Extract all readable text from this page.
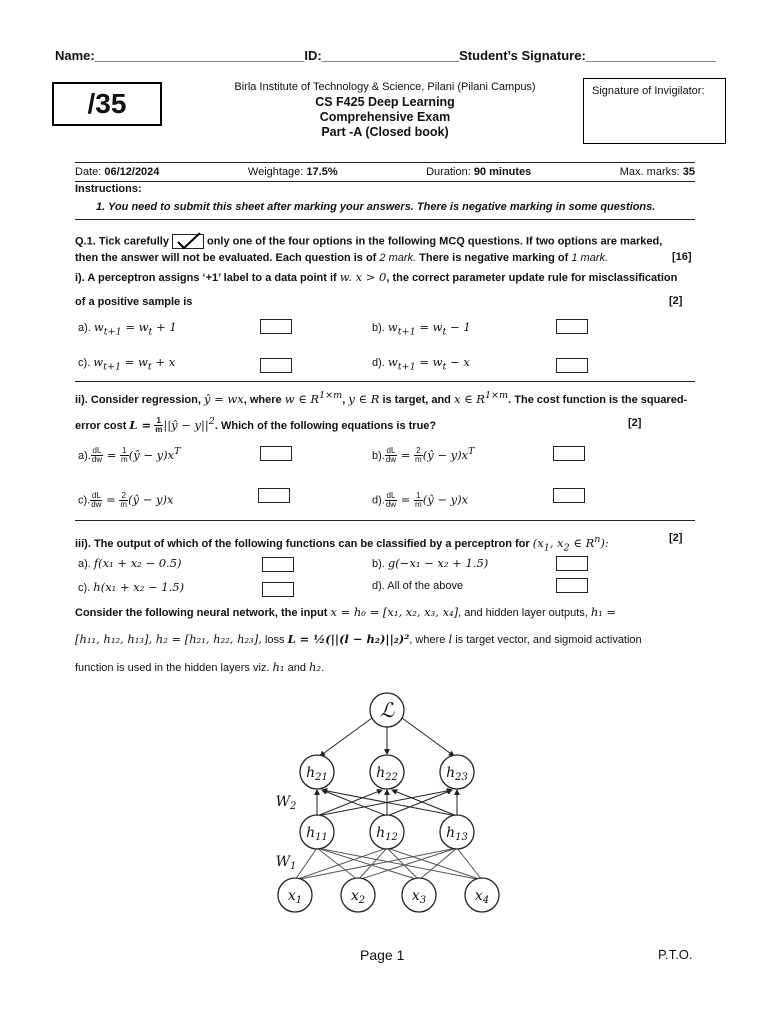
Name:_____________________________ID:___________________Student’s Signature:__________________
/35
Birla Institute of Technology & Science, Pilani (Pilani Campus)
CS F425 Deep Learning
Comprehensive Exam
Part -A (Closed book)
Signature of Invigilator:
Date: 06/12/2024	Weightage: 17.5%	Duration: 90 minutes	Max. marks: 35
Instructions:
1. You need to submit this sheet after marking your answers. There is negative marking in some questions.
Q.1. Tick carefully	only one of the four options in the following MCQ questions. If two options are marked,
then the answer will not be evaluated. Each question is of 2 mark. There is negative marking of 1 mark.	[16]
i). A perceptron assigns ‘+1’ label to a data point if w. x > 0, the correct parameter update rule for misclassification
of a positive sample is	[2]
a). $w_{t+1} = w_t + 1$	b). $w_{t+1} = w_t - 1$
c). $w_{t+1} = w_t + x$	d). $w_{t+1} = w_t - x$
ii). Consider regression, ŷ = wx, where w ∈ $R^{1\times m}$, y ∈ R is target, and x ∈ $R^{1\times m}$. The cost function is the squared-
error cost $L = \frac{1}{m}$ ||ŷ − $y||^2$. Which of the following equations is true?	[2]
a). $\frac{dL}{dw} = \frac{1}{m}$ (ŷ − $y)x^T$	b). $\frac{dL}{dw} = \frac{2}{m}$ (ŷ − $y)x^T$
c). $\frac{dL}{dw} = \frac{2}{m}$ (ŷ − y)x	d). $\frac{dL}{dw} = \frac{1}{m}$ (ŷ − y)x
iii). The output of which of the following functions can be classified by a perceptron for ($x_1$, $x_2$ ∈ $R^n$):	[2]
a). f(x₁ + x₂ − 0.5)	b). g(−x₁ − x₂ + 1.5)
c). h(x₁ + x₂ − 1.5)	d). All of the above
Consider the following neural network, the input x = h₀ = [x₁, x₂, x₃, x₄], and hidden layer outputs, h₁ =
[h₁₁, h₁₂, h₁₃], h₂ = [h₂₁, h₂₂, h₂₃], loss L = ½(||(l − h₂)||₂)², where l is target vector, and sigmoid activation
function is used in the hidden layers viz. h₁ and h₂.
ℒ
$h_{21}$	$h_{22}$	$h_{23}$
$h_{11}$	$h_{12}$	$h_{13}$
$x_1$	$x_2$	$x_3$	$x_4$
$W_2$
$W_1$
Page 1	P.T.O.
